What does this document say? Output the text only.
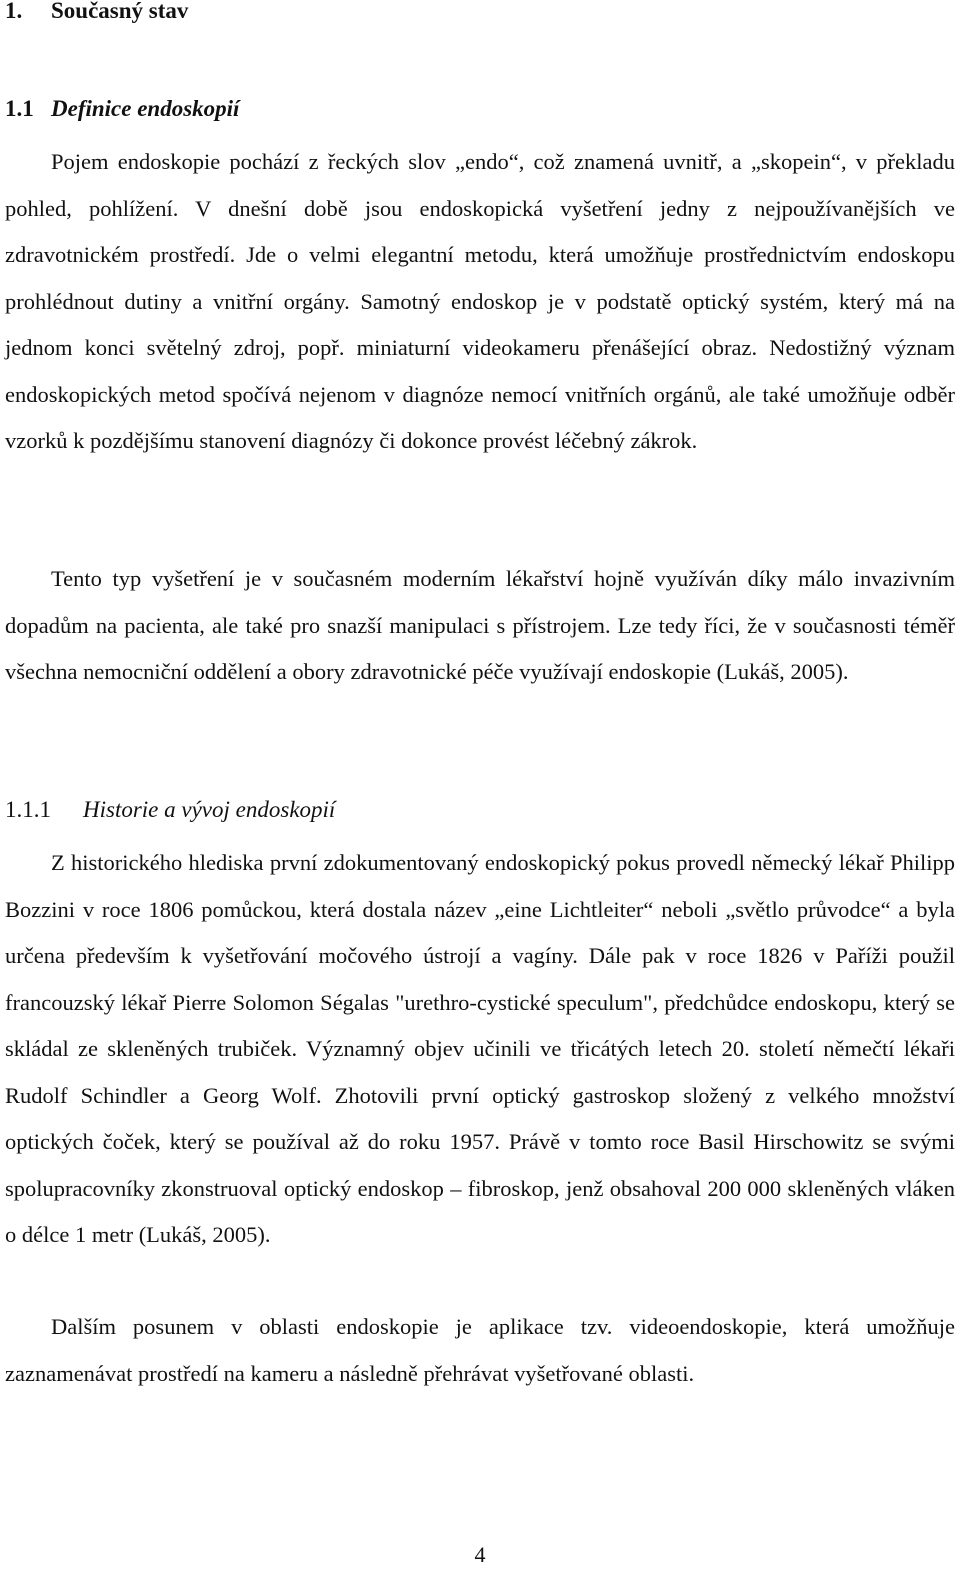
1. Současný stav
1.1 Definice endoskopií

Pojem endoskopie pochází z řeckých slov „endo“, což znamená uvnitř, a „skopein“, v překladu pohled, pohlížení. V dnešní době jsou endoskopická vyšetření jedny z nejpoužívanějších ve zdravotnickém prostředí. Jde o velmi elegantní metodu, která umožňuje prostřednictvím endoskopu prohlédnout dutiny a vnitřní orgány. Samotný endoskop je v podstatě optický systém, který má na jednom konci světelný zdroj, popř. miniaturní videokameru přenášející obraz. Nedostižný význam endoskopických metod spočívá nejenom v diagnóze nemocí vnitřních orgánů, ale také umožňuje odběr vzorků k pozdějšímu stanovení diagnózy či dokonce provést léčebný zákrok.

Tento typ vyšetření je v současném moderním lékařství hojně využíván díky málo invazivním dopadům na pacienta, ale také pro snazší manipulaci s přístrojem. Lze tedy říci, že v současnosti téměř všechna nemocniční oddělení a obory zdravotnické péče využívají endoskopie (Lukáš, 2005).

1.1.1 Historie a vývoj endoskopií

Z historického hlediska první zdokumentovaný endoskopický pokus provedl německý lékař Philipp Bozzini v roce 1806 pomůckou, která dostala název „eine Lichtleiter“ neboli „světlo průvodce“ a byla určena především k vyšetřování močového ústrojí a vagíny. Dále pak v roce 1826 v Paříži použil francouzský lékař Pierre Solomon Ségalas "urethro-cystické speculum", předchůdce endoskopu, který se skládal ze skleněných trubiček. Významný objev učinili ve třicátých letech 20. století němečtí lékaři Rudolf Schindler a Georg Wolf. Zhotovili první optický gastroskop složený z velkého množství optických čoček, který se používal až do roku 1957. Právě v tomto roce Basil Hirschowitz se svými spolupracovníky zkonstruoval optický endoskop – fibroskop, jenž obsahoval 200 000 skleněných vláken o délce 1 metr (Lukáš, 2005).

Dalším posunem v oblasti endoskopie je aplikace tzv. videoendoskopie, která umožňuje zaznamenávat prostředí na kameru a následně přehrávat vyšetřované oblasti.

4
